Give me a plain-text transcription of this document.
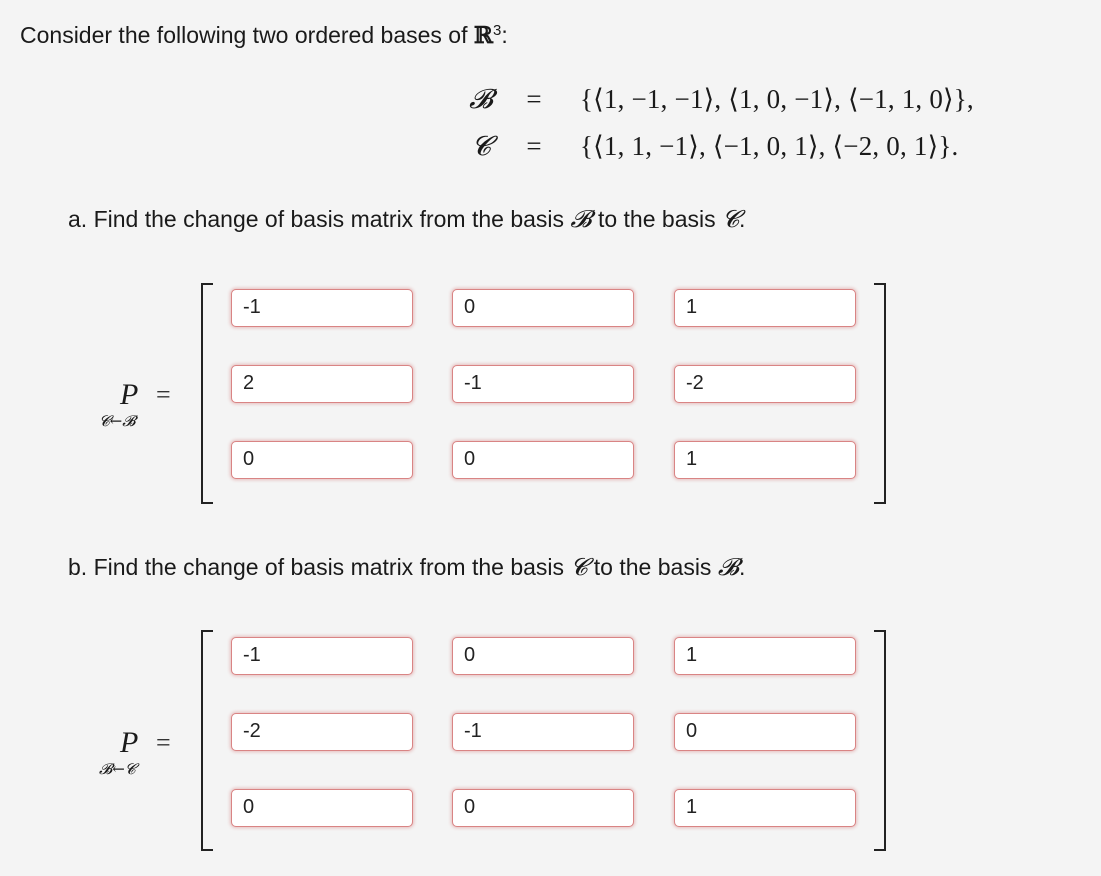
Consider the following two ordered bases of ℝ$^3$:
𝓑 = {⟨1, −1, −1⟩, ⟨1, 0, −1⟩, ⟨−1, 1, 0⟩},
𝓒 = {⟨1, 1, −1⟩, ⟨−1, 0, 1⟩, ⟨−2, 0, 1⟩}.
a. Find the change of basis matrix from the basis 𝓑 to the basis 𝓒.
P =
𝓒←𝓑
-1	0	1
2	-1	-2
0	0	1
b. Find the change of basis matrix from the basis 𝓒 to the basis 𝓑.
P =
𝓑←𝓒
-1	0	1
-2	-1	0
0	0	1
